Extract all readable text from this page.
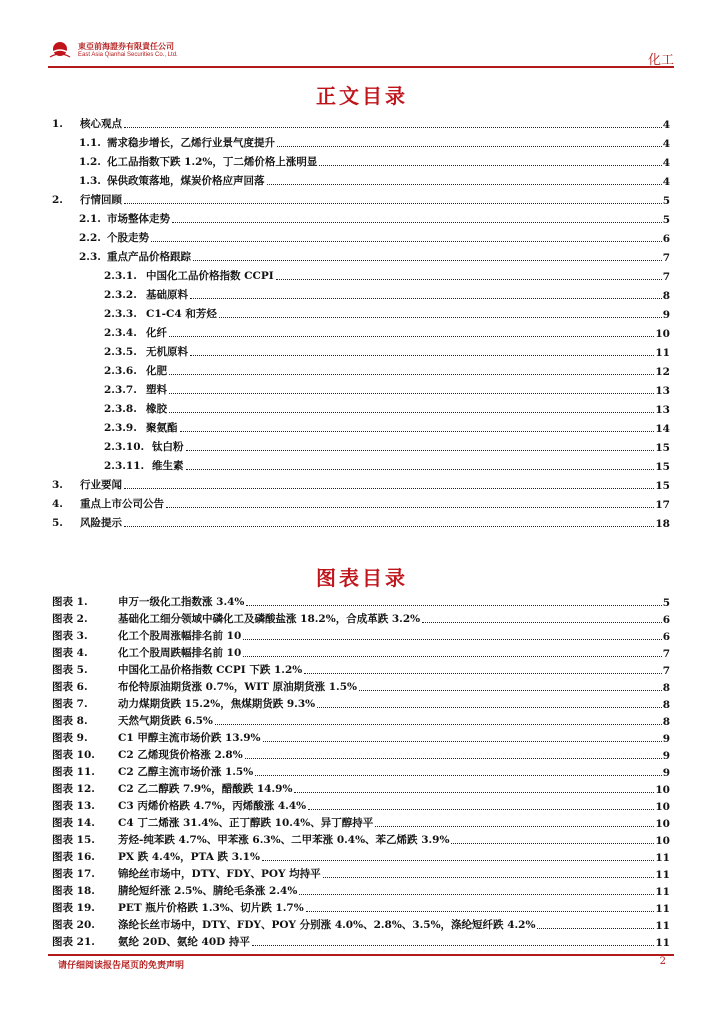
東亞前海證券有限責任公司
East Asia Qianhai Securities Co., Ltd.	化工
正文目录
1. 核心观点	4
1.1. 需求稳步增长，乙烯行业景气度提升	4
1.2. 化工品指数下跌 1.2%，丁二烯价格上涨明显	4
1.3. 保供政策落地，煤炭价格应声回落	4
2. 行情回顾	5
2.1. 市场整体走势	5
2.2. 个股走势	6
2.3. 重点产品价格跟踪	7
2.3.1. 中国化工品价格指数 CCPI	7
2.3.2. 基础原料	8
2.3.3. C1-C4 和芳烃	9
2.3.4. 化纤	10
2.3.5. 无机原料	11
2.3.6. 化肥	12
2.3.7. 塑料	13
2.3.8. 橡胶	13
2.3.9. 聚氨酯	14
2.3.10. 钛白粉	15
2.3.11. 维生素	15
3. 行业要闻	15
4. 重点上市公司公告	17
5. 风险提示	18
图表目录
图表 1.	申万一级化工指数涨 3.4%	5
图表 2.	基础化工细分领域中磷化工及磷酸盐涨 18.2%，合成革跌 3.2%	6
图表 3.	化工个股周涨幅排名前 10	6
图表 4.	化工个股周跌幅排名前 10	7
图表 5.	中国化工品价格指数 CCPI 下跌 1.2%	7
图表 6.	布伦特原油期货涨 0.7%，WIT 原油期货涨 1.5%	8
图表 7.	动力煤期货跌 15.2%，焦煤期货跌 9.3%	8
图表 8.	天然气期货跌 6.5%	8
图表 9.	C1 甲醇主流市场价跌 13.9%	9
图表 10.	C2 乙烯现货价格涨 2.8%	9
图表 11.	C2 乙醇主流市场价涨 1.5%	9
图表 12.	C2 乙二醇跌 7.9%，醋酸跌 14.9%	10
图表 13.	C3 丙烯价格跌 4.7%，丙烯酸涨 4.4%	10
图表 14.	C4 丁二烯涨 31.4%、正丁醇跌 10.4%、异丁醇持平	10
图表 15.	芳烃-纯苯跌 4.7%、甲苯涨 6.3%、二甲苯涨 0.4%、苯乙烯跌 3.9%	10
图表 16.	PX 跌 4.4%，PTA 跌 3.1%	11
图表 17.	锦纶丝市场中，DTY、FDY、POY 均持平	11
图表 18.	腈纶短纤涨 2.5%、腈纶毛条涨 2.4%	11
图表 19.	PET 瓶片价格跌 1.3%、切片跌 1.7%	11
图表 20.	涤纶长丝市场中，DTY、FDY、POY 分别涨 4.0%、2.8%、3.5%，涤纶短纤跌 4.2%	11
图表 21.	氨纶 20D、氨纶 40D 持平	11
请仔细阅读报告尾页的免责声明	2
